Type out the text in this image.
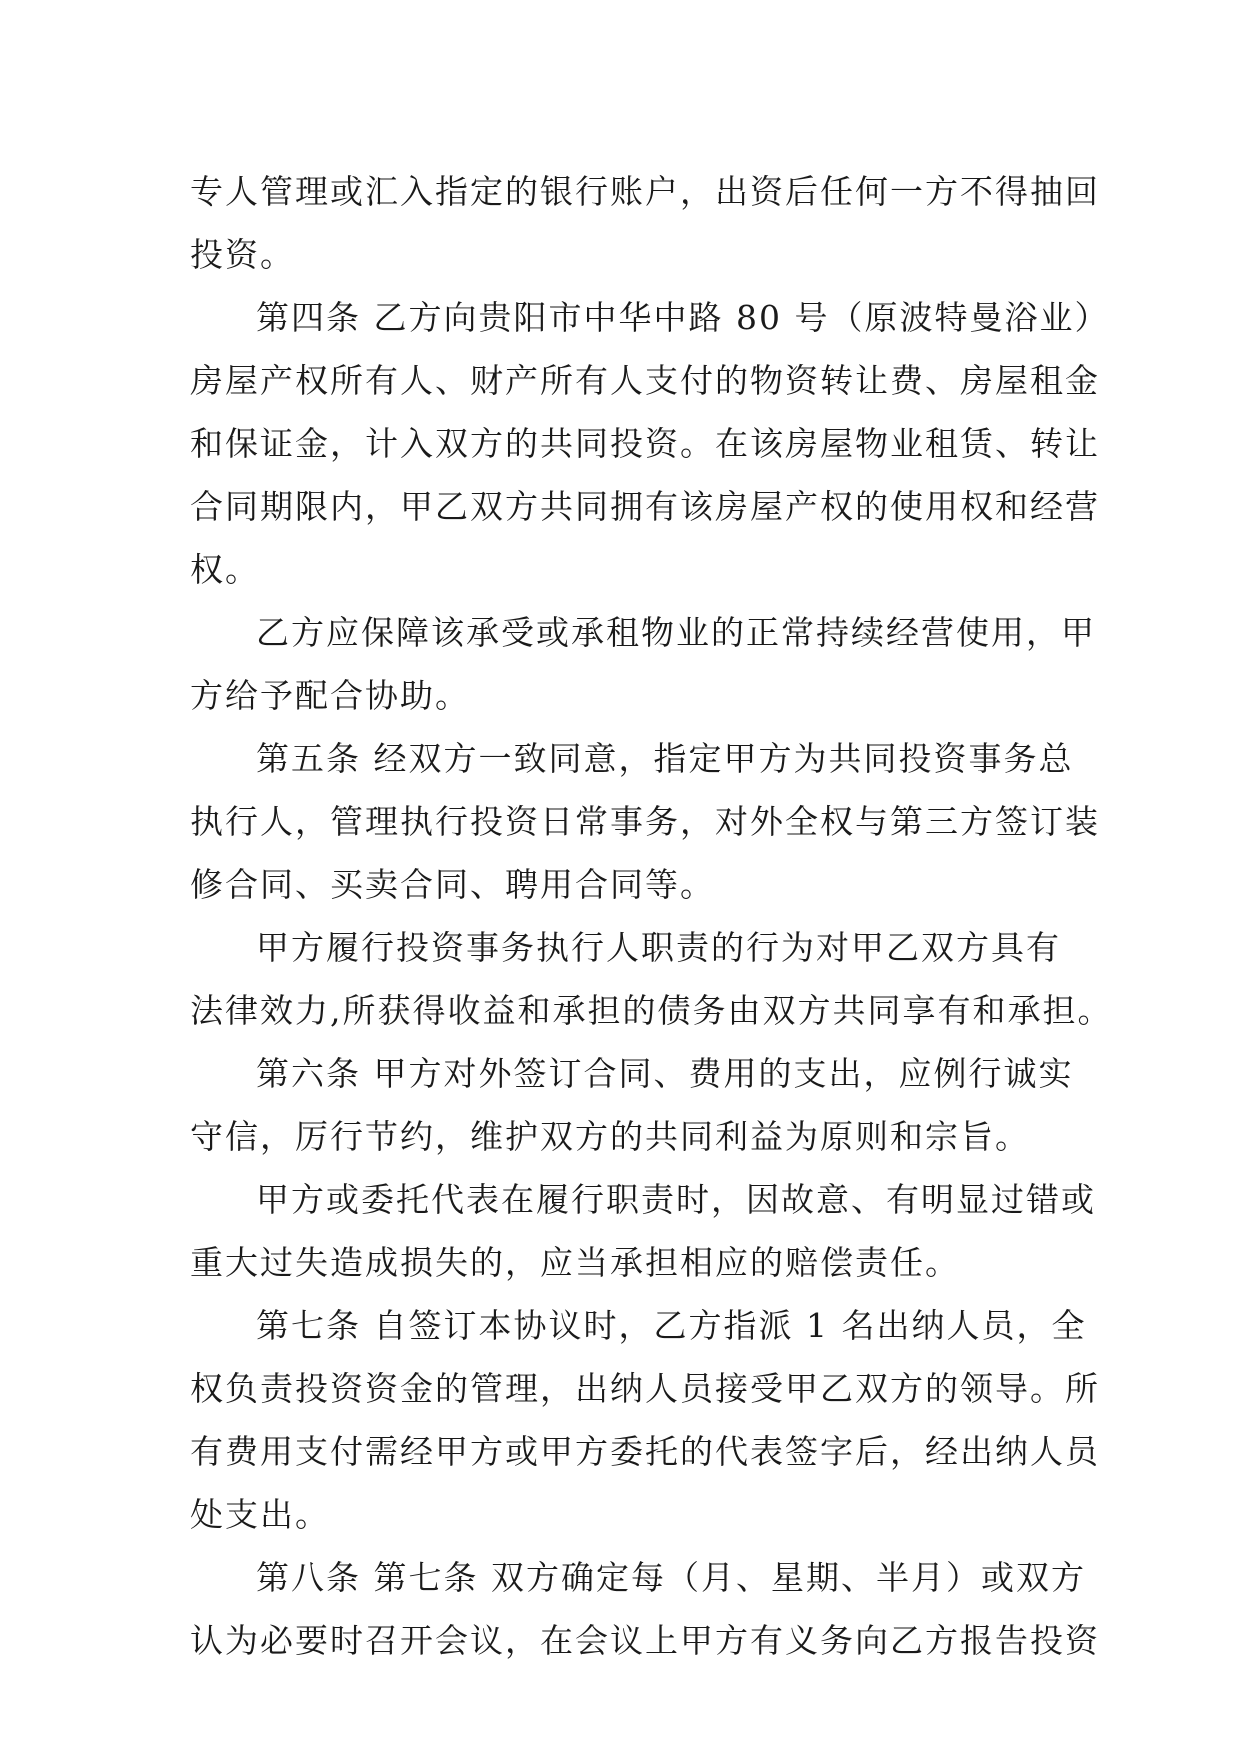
专人管理或汇入指定的银行账户，出资后任何一方不得抽回
投资。
第四条 乙方向贵阳市中华中路 80 号（原波特曼浴业）
房屋产权所有人、财产所有人支付的物资转让费、房屋租金
和保证金，计入双方的共同投资。在该房屋物业租赁、转让
合同期限内，甲乙双方共同拥有该房屋产权的使用权和经营
权。
乙方应保障该承受或承租物业的正常持续经营使用，甲
方给予配合协助。
第五条 经双方一致同意，指定甲方为共同投资事务总
执行人，管理执行投资日常事务，对外全权与第三方签订装
修合同、买卖合同、聘用合同等。
甲方履行投资事务执行人职责的行为对甲乙双方具有
法律效力,所获得收益和承担的债务由双方共同享有和承担。
第六条 甲方对外签订合同、费用的支出，应例行诚实
守信，厉行节约，维护双方的共同利益为原则和宗旨。
甲方或委托代表在履行职责时，因故意、有明显过错或
重大过失造成损失的，应当承担相应的赔偿责任。
第七条 自签订本协议时，乙方指派 1 名出纳人员，全
权负责投资资金的管理，出纳人员接受甲乙双方的领导。所
有费用支付需经甲方或甲方委托的代表签字后，经出纳人员
处支出。
第八条 第七条 双方确定每（月、星期、半月）或双方
认为必要时召开会议，在会议上甲方有义务向乙方报告投资
